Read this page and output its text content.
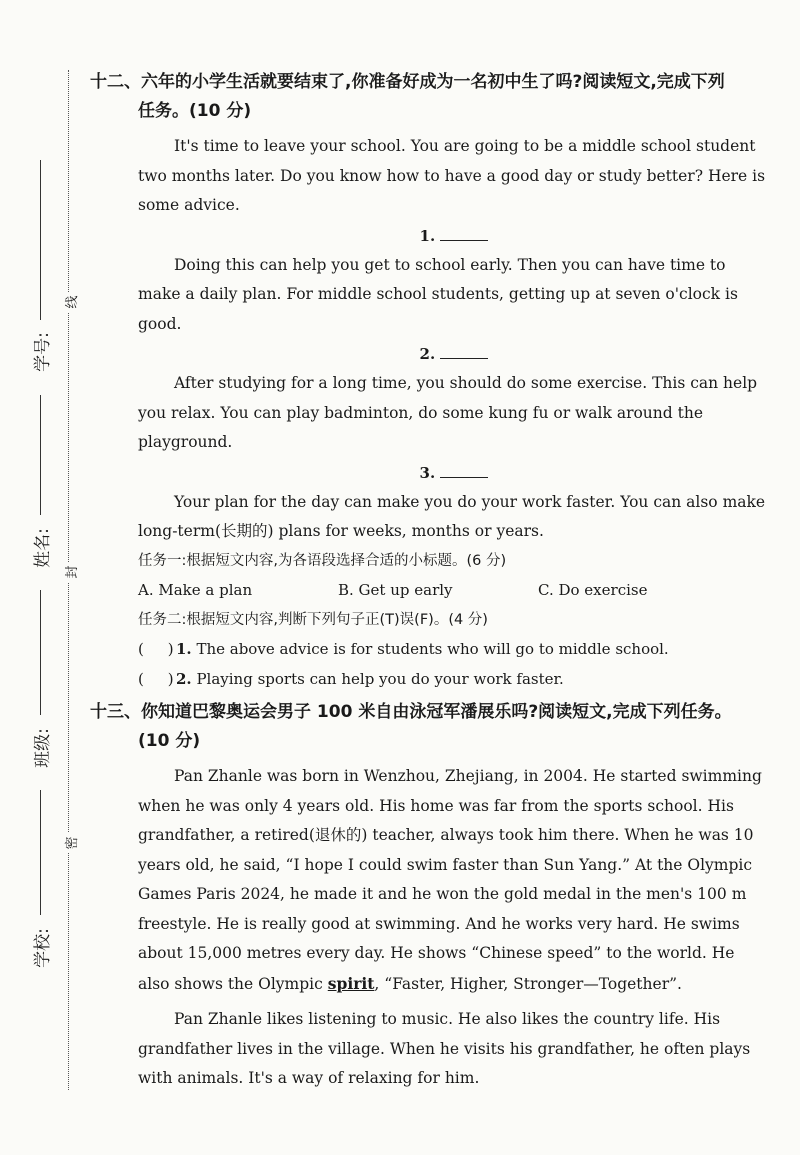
学号:
姓名:
班级:
学校:
线
封
密

十二、六年的小学生活就要结束了,你准备好成为一名初中生了吗?阅读短文,完成下列

任务。(10 分)

It's time to leave your school. You are going to be a middle school student two months later. Do you know how to have a good day or study better? Here is some advice.

1.

Doing this can help you get to school early. Then you can have time to make a daily plan. For middle school students, getting up at seven o'clock is good.

2.

After studying for a long time, you should do some exercise. This can help you relax. You can play badminton, do some kung fu or walk around the playground.

3.

Your plan for the day can make you do your work faster. You can also make long-term(长期的) plans for weeks, months or years.

任务一:根据短文内容,为各语段选择合适的小标题。(6 分)

A. Make a plan	B. Get up early	C. Do exercise

任务二:根据短文内容,判断下列句子正(T)误(F)。(4 分)

( ) 1. The above advice is for students who will go to middle school.

( ) 2. Playing sports can help you do your work faster.

十三、你知道巴黎奥运会男子 100 米自由泳冠军潘展乐吗?阅读短文,完成下列任务。

(10 分)

Pan Zhanle was born in Wenzhou, Zhejiang, in 2004. He started swimming when he was only 4 years old. His home was far from the sports school. His grandfather, a retired(退休的) teacher, always took him there. When he was 10 years old, he said, “I hope I could swim faster than Sun Yang.” At the Olympic Games Paris 2024, he made it and he won the gold medal in the men's 100 m freestyle. He is really good at swimming. And he works very hard. He swims about 15,000 metres every day. He shows “Chinese speed” to the world. He also shows the Olympic spirit, “Faster, Higher, Stronger—Together”.

Pan Zhanle likes listening to music. He also likes the country life. His grandfather lives in the village. When he visits his grandfather, he often plays with animals. It's a way of relaxing for him.
